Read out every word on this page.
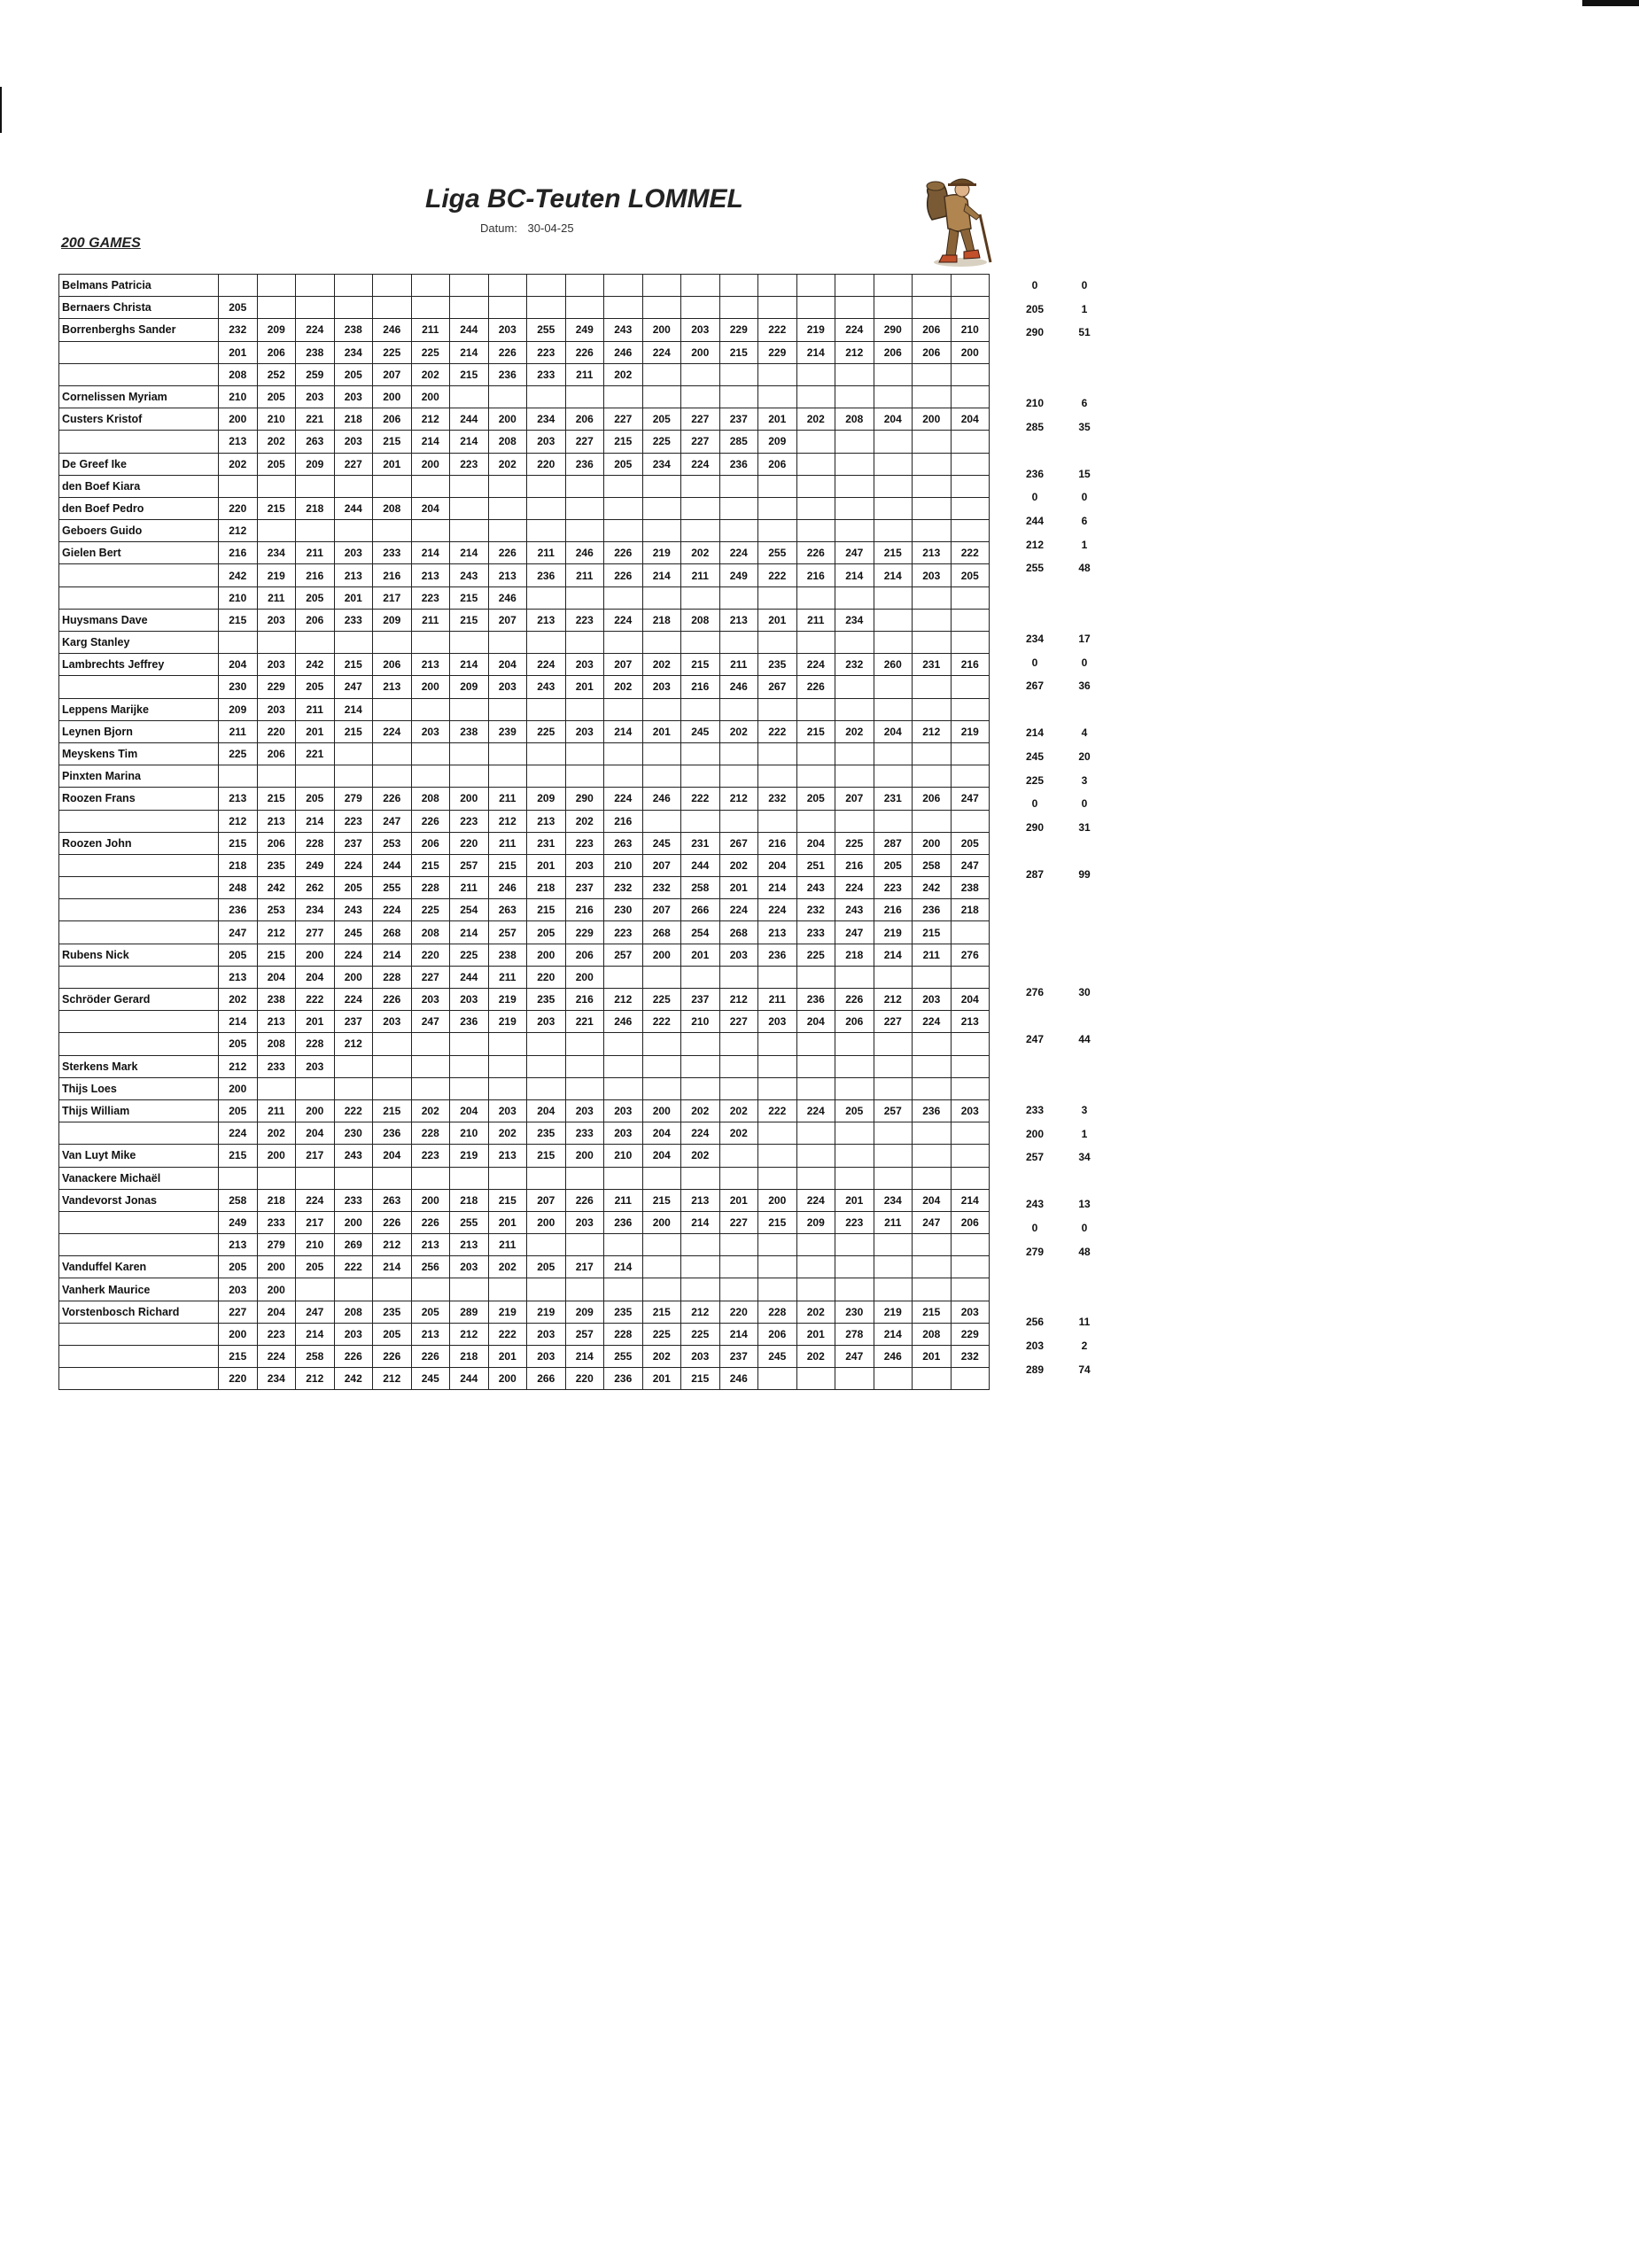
Liga BC-Teuten LOMMEL
Datum: 30-04-25
200 GAMES
Belmans Patricia																				
Bernaers Christa	205																			
Borrenberghs Sander	232	209	224	238	246	211	244	203	255	249	243	200	203	229	222	219	224	290	206	210
	201	206	238	234	225	225	214	226	223	226	246	224	200	215	229	214	212	206	206	200
	208	252	259	205	207	202	215	236	233	211	202									
Cornelissen Myriam	210	205	203	203	200	200														
Custers Kristof	200	210	221	218	206	212	244	200	234	206	227	205	227	237	201	202	208	204	200	204
	213	202	263	203	215	214	214	208	203	227	215	225	227	285	209					
De Greef Ike	202	205	209	227	201	200	223	202	220	236	205	234	224	236	206					
den Boef Kiara																				
den Boef Pedro	220	215	218	244	208	204														
Geboers Guido	212																			
Gielen Bert	216	234	211	203	233	214	214	226	211	246	226	219	202	224	255	226	247	215	213	222
	242	219	216	213	216	213	243	213	236	211	226	214	211	249	222	216	214	214	203	205
	210	211	205	201	217	223	215	246												
Huysmans Dave	215	203	206	233	209	211	215	207	213	223	224	218	208	213	201	211	234			
Karg Stanley																				
Lambrechts Jeffrey	204	203	242	215	206	213	214	204	224	203	207	202	215	211	235	224	232	260	231	216
	230	229	205	247	213	200	209	203	243	201	202	203	216	246	267	226				
Leppens Marijke	209	203	211	214																
Leynen Bjorn	211	220	201	215	224	203	238	239	225	203	214	201	245	202	222	215	202	204	212	219
Meyskens Tim	225	206	221																	
Pinxten Marina																				
Roozen Frans	213	215	205	279	226	208	200	211	209	290	224	246	222	212	232	205	207	231	206	247
	212	213	214	223	247	226	223	212	213	202	216									
Roozen John	215	206	228	237	253	206	220	211	231	223	263	245	231	267	216	204	225	287	200	205
	218	235	249	224	244	215	257	215	201	203	210	207	244	202	204	251	216	205	258	247
	248	242	262	205	255	228	211	246	218	237	232	232	258	201	214	243	224	223	242	238
	236	253	234	243	224	225	254	263	215	216	230	207	266	224	224	232	243	216	236	218
	247	212	277	245	268	208	214	257	205	229	223	268	254	268	213	233	247	219	215	
Rubens Nick	205	215	200	224	214	220	225	238	200	206	257	200	201	203	236	225	218	214	211	276
	213	204	204	200	228	227	244	211	220	200										
Schröder Gerard	202	238	222	224	226	203	203	219	235	216	212	225	237	212	211	236	226	212	203	204
	214	213	201	237	203	247	236	219	203	221	246	222	210	227	203	204	206	227	224	213
	205	208	228	212																
Sterkens Mark	212	233	203																	
Thijs Loes	200																			
Thijs William	205	211	200	222	215	202	204	203	204	203	203	200	202	202	222	224	205	257	236	203
	224	202	204	230	236	228	210	202	235	233	203	204	224	202						
Van Luyt Mike	215	200	217	243	204	223	219	213	215	200	210	204	202							
Vanackere Michaël																				
Vandevorst Jonas	258	218	224	233	263	200	218	215	207	226	211	215	213	201	200	224	201	234	204	214
	249	233	217	200	226	226	255	201	200	203	236	200	214	227	215	209	223	211	247	206
	213	279	210	269	212	213	213	211												
Vanduffel Karen	205	200	205	222	214	256	203	202	205	217	214									
Vanherk Maurice	203	200																		
Vorstenbosch Richard	227	204	247	208	235	205	289	219	219	209	235	215	212	220	228	202	230	219	215	203
	200	223	214	203	205	213	212	222	203	257	228	225	225	214	206	201	278	214	208	229
	215	224	258	226	226	226	218	201	203	214	255	202	203	237	245	202	247	246	201	232
	220	234	212	242	212	245	244	200	266	220	236	201	215	246						
0	0
205	1
290	51
210	6
285	35
236	15
0	0
244	6
212	1
255	48
234	17
0	0
267	36
214	4
245	20
225	3
0	0
290	31
287	99
276	30
247	44
233	3
200	1
257	34
243	13
0	0
279	48
256	11
203	2
289	74
